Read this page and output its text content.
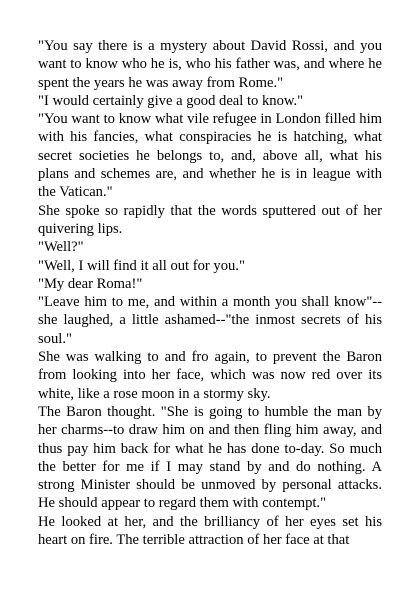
"You say there is a mystery about David Rossi, and you want to know who he is, who his father was, and where he spent the years he was away from Rome."

"I would certainly give a good deal to know."

"You want to know what vile refugee in London filled him with his fancies, what conspiracies he is hatching, what secret societies he belongs to, and, above all, what his plans and schemes are, and whether he is in league with the Vatican."

She spoke so rapidly that the words sputtered out of her quivering lips.

"Well?"

"Well, I will find it all out for you."

"My dear Roma!"

"Leave him to me, and within a month you shall know"--she laughed, a little ashamed--"the inmost secrets of his soul."

She was walking to and fro again, to prevent the Baron from looking into her face, which was now red over its white, like a rose moon in a stormy sky.

The Baron thought. "She is going to humble the man by her charms--to draw him on and then fling him away, and thus pay him back for what he has done to-day. So much the better for me if I may stand by and do nothing. A strong Minister should be unmoved by personal attacks. He should appear to regard them with contempt."

He looked at her, and the brilliancy of her eyes set his heart on fire. The terrible attraction of her face at that
